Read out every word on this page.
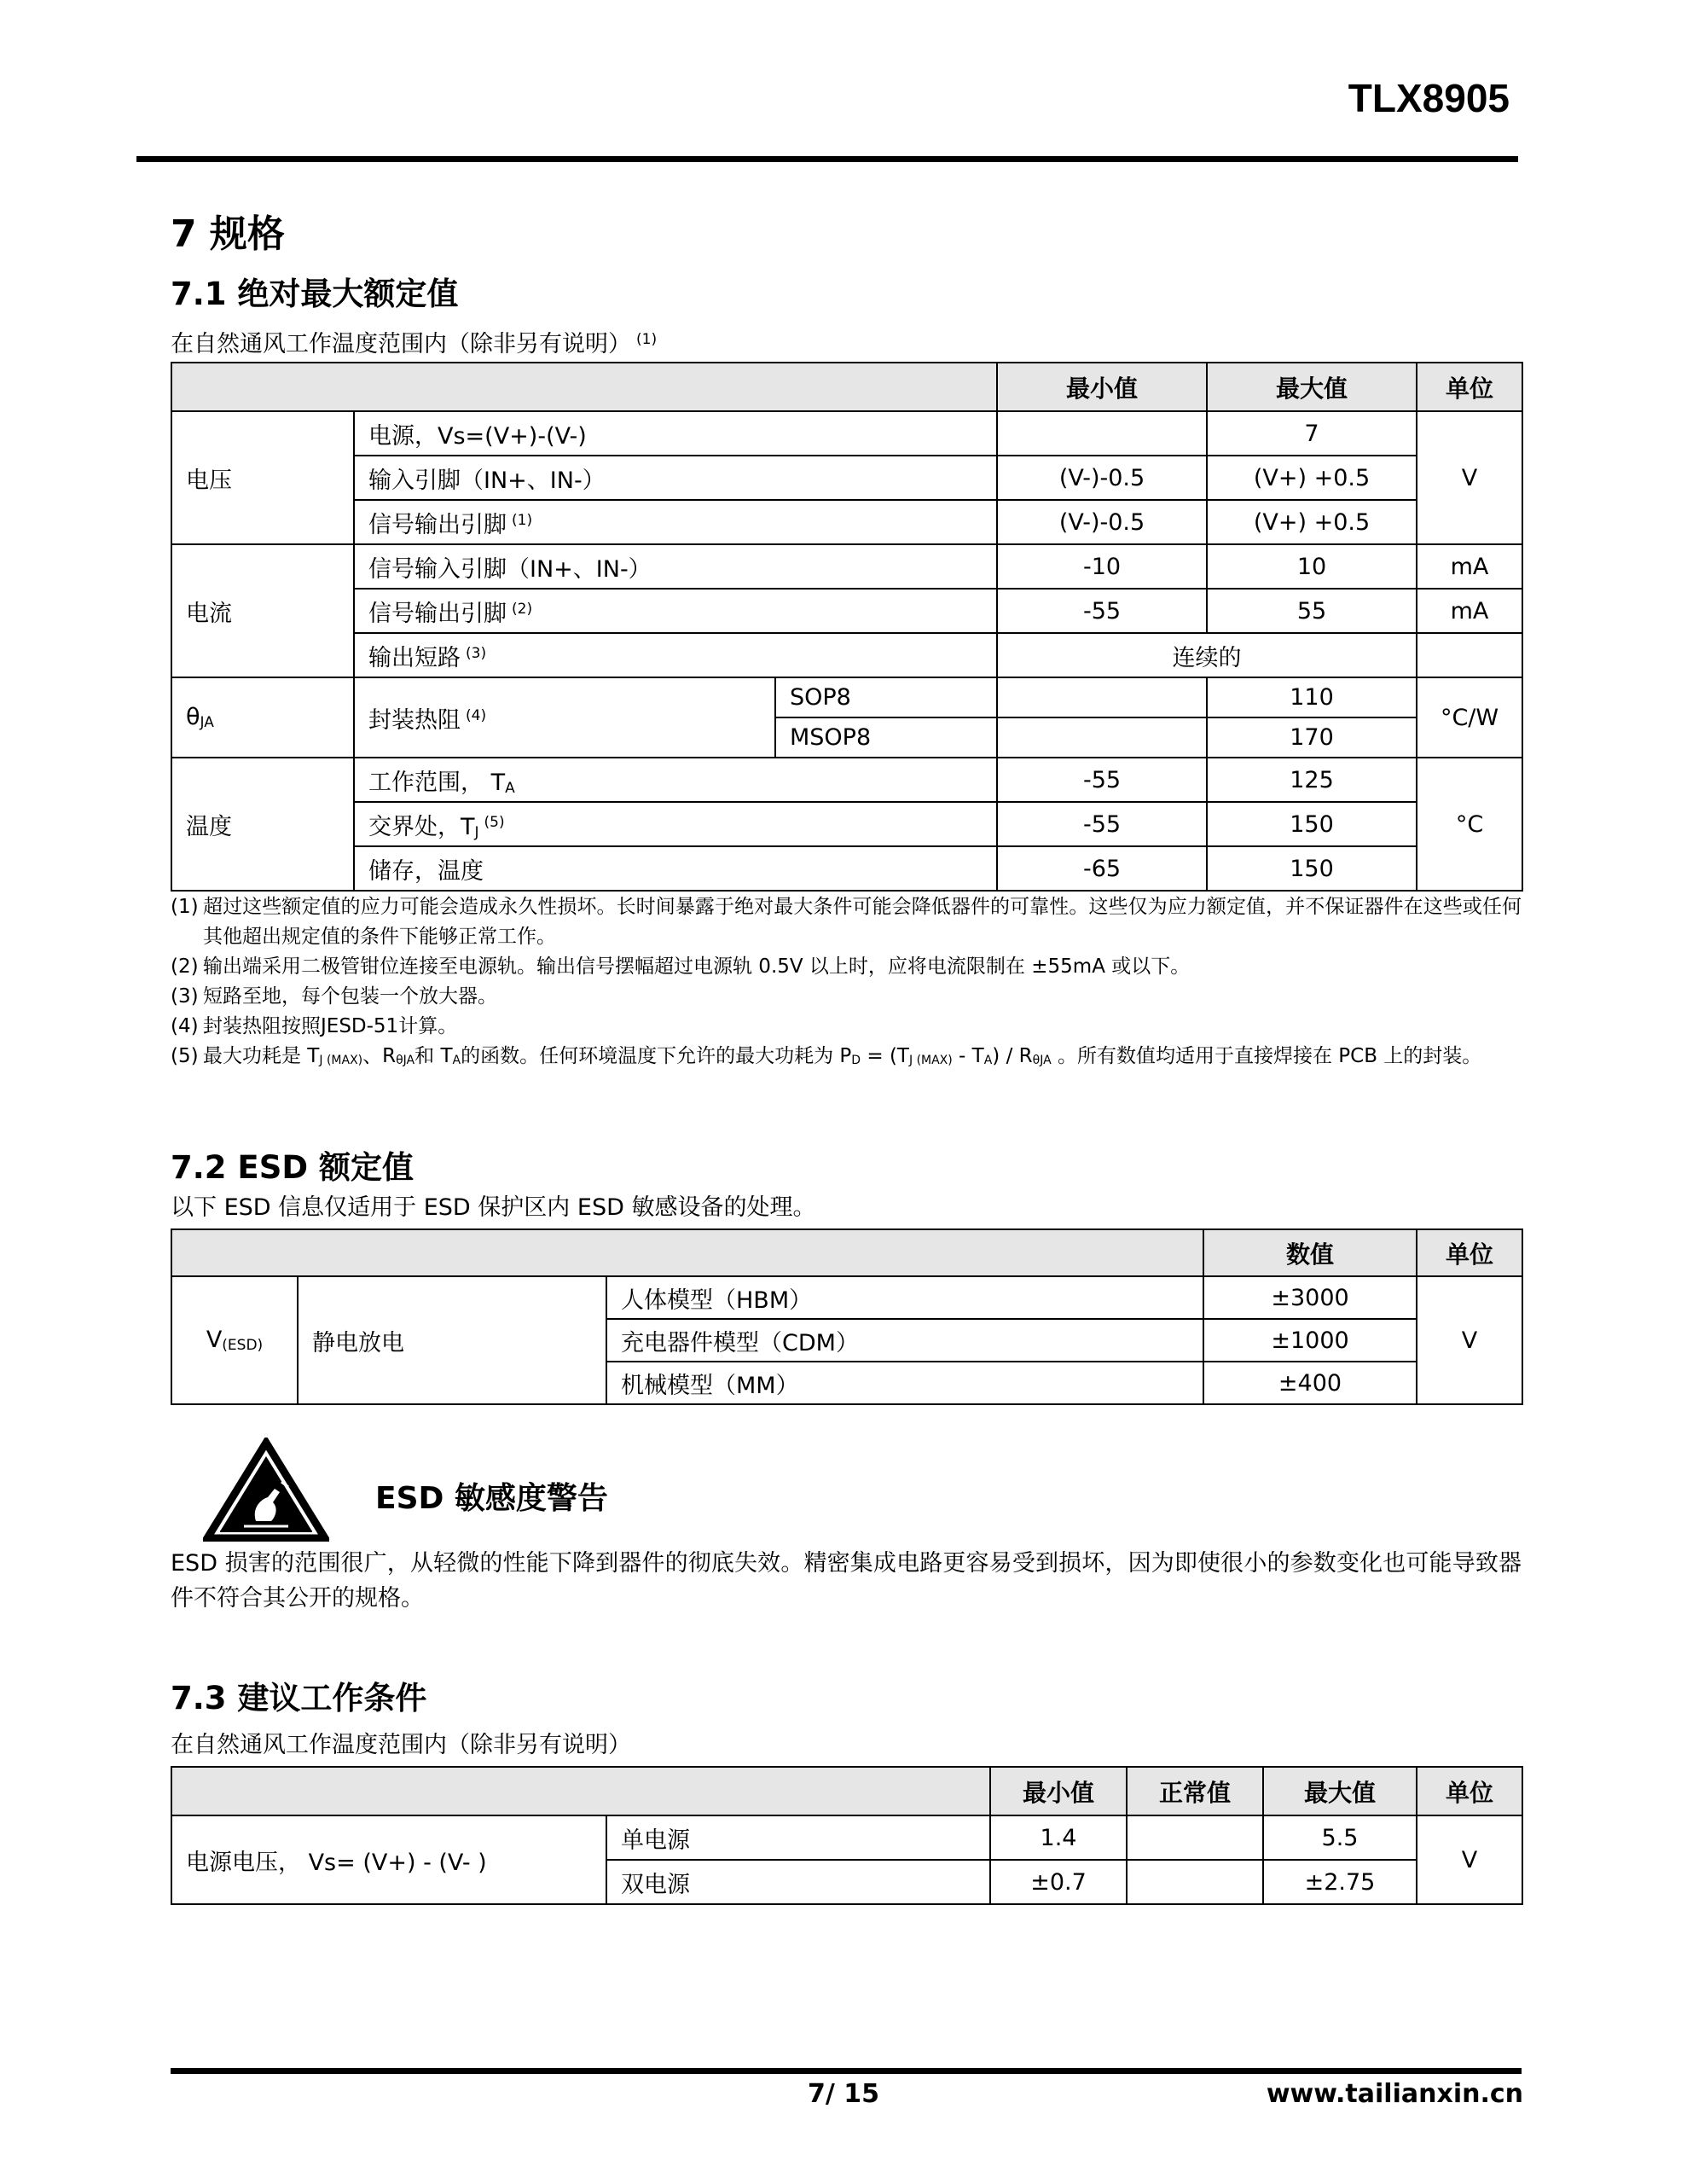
TLX8905
7 规格
7.1 绝对最大额定值
在自然通风工作温度范围内（除非另有说明） $^{(1)}$
			最小值	最大值	单位
电压	电源，Vs=(V+)-(V-)			7	V
	输入引脚（IN+、IN-）		(V-)-0.5	(V+) +0.5	
	信号输出引脚 $^{(1)}$		(V-)-0.5	(V+) +0.5	
电流	信号输入引脚（IN+、IN-）		-10	10	mA
	信号输出引脚 $^{(2)}$		-55	55	mA
	输出短路 $^{(3)}$		连续的		
$\theta_{JA}$	封装热阻 $^{(4)}$	SOP8		110	°C/W
		MSOP8		170	
温度	工作范围， $T_A$		-55	125	°C
	交界处，$T_J^{(5)}$		-55	150	
	储存，温度		-65	150	
(1) 超过这些额定值的应力可能会造成永久性损坏。长时间暴露于绝对最大条件可能会降低器件的可靠性。这些仅为应力额定值，并不保证器件在这些或任何其他超出规定值的条件下能够正常工作。
(2) 输出端采用二极管钳位连接至电源轨。输出信号摆幅超过电源轨 0.5V 以上时，应将电流限制在 ±55mA 或以下。
(3) 短路至地，每个包装一个放大器。
(4) 封装热阻按照JESD-51计算。
(5) 最大功耗是 $T_{J (MAX)}$、$R_{\theta JA}$和 $T_A$的函数。任何环境温度下允许的最大功耗为 $P_D = (T_{J (MAX)} - T_A) / R_{\theta JA}$ 。所有数值均适用于直接焊接在 PCB 上的封装。
7.2 ESD 额定值
以下 ESD 信息仅适用于 ESD 保护区内 ESD 敏感设备的处理。
			数值	单位
$V_{(ESD)}$	静电放电	人体模型（HBM）	±3000	V
		充电器件模型（CDM）	±1000	
		机械模型（MM）	±400	
ESD 敏感度警告
ESD 损害的范围很广，从轻微的性能下降到器件的彻底失效。精密集成电路更容易受到损坏，因为即使很小的参数变化也可能导致器件不符合其公开的规格。
7.3 建议工作条件
在自然通风工作温度范围内（除非另有说明）
		最小值	正常值	最大值	单位
电源电压， Vs= (V+) - (V- )	单电源	1.4		5.5	V
	双电源	±0.7		±2.75	
7/ 15	www.tailianxin.cn
